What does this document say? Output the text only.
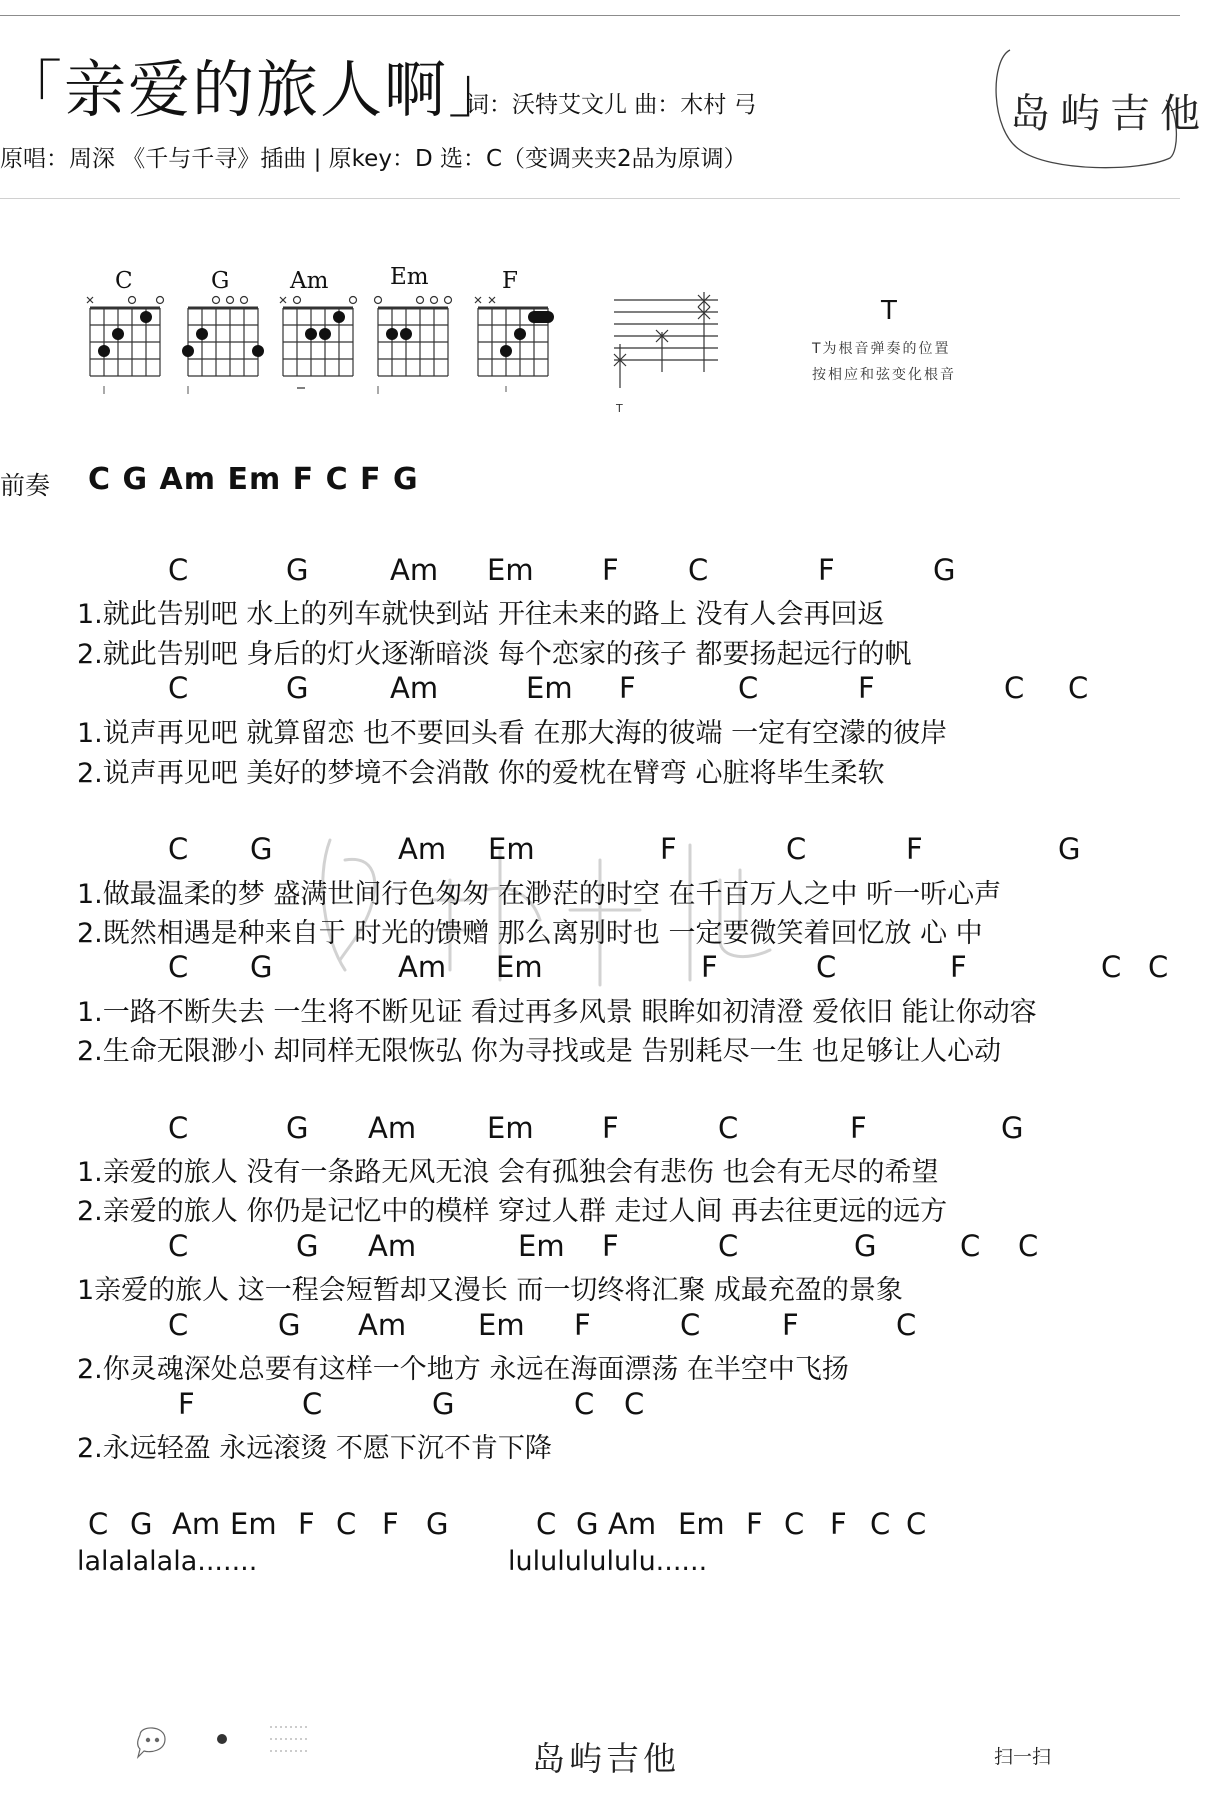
「亲爱的旅人啊」
词：沃特艾文儿 曲：木村 弓
原唱：周深 《千与千寻》插曲 | 原key：D 选：C（变调夹夹2品为原调）
岛屿吉他
C	G	Am	Em	F
T
T
T为根音弹奏的位置
按相应和弦变化根音
前奏 C G Am Em F C F G
C	G	Am Em F C	F	G
1.就此告别吧 水上的列车就快到站 开往未来的路上 没有人会再回返
2.就此告别吧 身后的灯火逐渐暗淡 每个恋家的孩子 都要扬起远行的帆
C	G	Am	Em F	C	F	C C
1.说声再见吧 就算留恋 也不要回头看 在那大海的彼端 一定有空濛的彼岸
2.说声再见吧 美好的梦境不会消散 你的爱枕在臂弯 心脏将毕生柔软
C G	Am Em	F	C	F	G
1.做最温柔的梦 盛满世间行色匆匆 在渺茫的时空 在千百万人之中 听一听心声
2.既然相遇是种来自于 时光的馈赠 那么离别时也 一定要微笑着回忆放 心 中
C G	Am Em	F	C	F	C C
1.一路不断失去 一生将不断见证 看过再多风景 眼眸如初清澄 爱依旧 能让你动容
2.生命无限渺小 却同样无限恢弘 你为寻找或是 告别耗尽一生 也足够让人心动
C	G Am Em F	C	F	G
1.亲爱的旅人 没有一条路无风无浪 会有孤独会有悲伤 也会有无尽的希望
2.亲爱的旅人 你仍是记忆中的模样 穿过人群 走过人间 再去往更远的远方
C	G Am	Em F	C	G	C C
1亲爱的旅人 这一程会短暂却又漫长 而一切终将汇聚 成最充盈的景象
C	G Am Em F	C	F	C
2.你灵魂深处总要有这样一个地方 永远在海面漂荡 在半空中飞扬
F	C	G	C C
2.永远轻盈 永远滚烫 不愿下沉不肯下降
C G Am Em F C F G	C G Am Em F C F C C
lalalalala.......	lulululululu......
岛屿吉他	扫一扫
